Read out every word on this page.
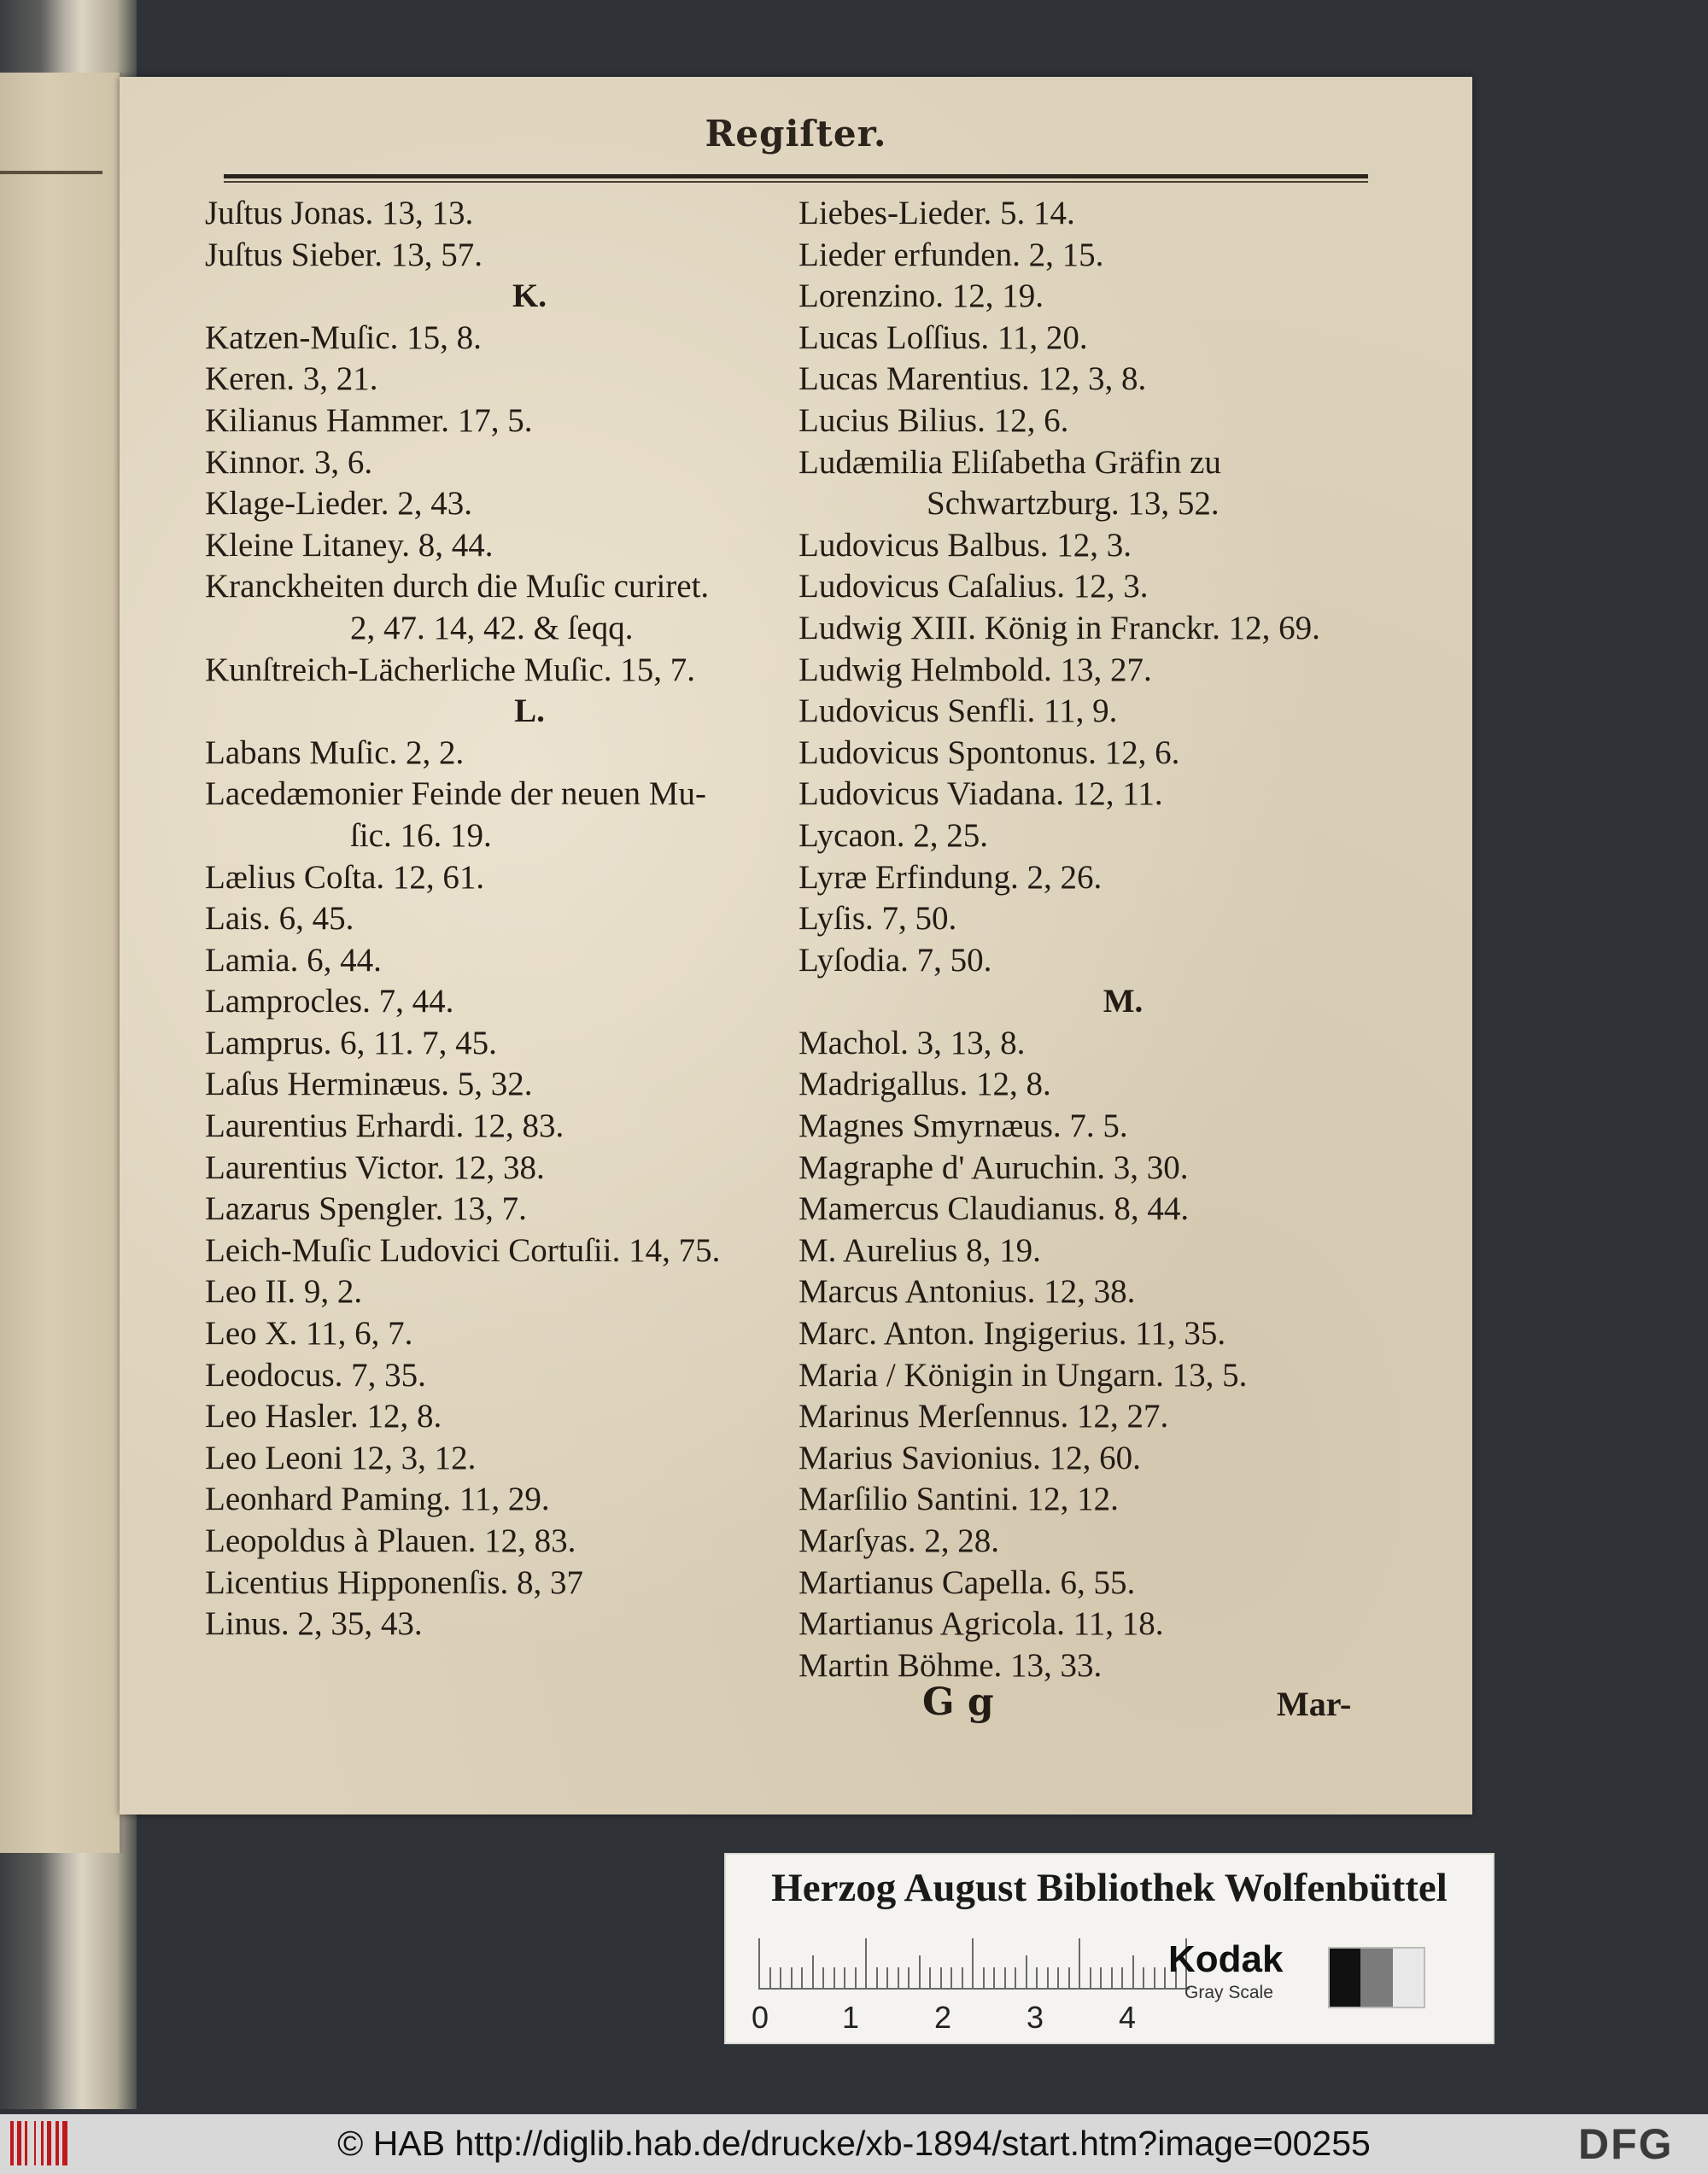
Regiſter.
Juſtus Jonas. 13, 13.
Juſtus Sieber. 13, 57.
K.
Katzen-Muſic. 15, 8.
Keren. 3, 21.
Kilianus Hammer. 17, 5.
Kinnor. 3, 6.
Klage-Lieder. 2, 43.
Kleine Litaney. 8, 44.
Kranckheiten durch die Muſic curiret.
2, 47. 14, 42. & ſeqq.
Kunſtreich-Lächerliche Muſic. 15, 7.
L.
Labans Muſic. 2, 2.
Lacedæmonier Feinde der neuen Mu-
ſic. 16. 19.
Lælius Coſta. 12, 61.
Lais. 6, 45.
Lamia. 6, 44.
Lamprocles. 7, 44.
Lamprus. 6, 11. 7, 45.
Laſus Herminæus. 5, 32.
Laurentius Erhardi. 12, 83.
Laurentius Victor. 12, 38.
Lazarus Spengler. 13, 7.
Leich-Muſic Ludovici Cortuſii. 14, 75.
Leo II. 9, 2.
Leo X. 11, 6, 7.
Leodocus. 7, 35.
Leo Hasler. 12, 8.
Leo Leoni 12, 3, 12.
Leonhard Paming. 11, 29.
Leopoldus à Plauen. 12, 83.
Licentius Hipponenſis. 8, 37
Linus. 2, 35, 43.
Liebes-Lieder. 5. 14.
Lieder erfunden. 2, 15.
Lorenzino. 12, 19.
Lucas Loſſius. 11, 20.
Lucas Marentius. 12, 3, 8.
Lucius Bilius. 12, 6.
Ludæmilia Eliſabetha Gräfin zu
Schwartzburg. 13, 52.
Ludovicus Balbus. 12, 3.
Ludovicus Caſalius. 12, 3.
Ludwig XIII. König in Franckr. 12, 69.
Ludwig Helmbold. 13, 27.
Ludovicus Senfli. 11, 9.
Ludovicus Spontonus. 12, 6.
Ludovicus Viadana. 12, 11.
Lycaon. 2, 25.
Lyræ Erfindung. 2, 26.
Lyſis. 7, 50.
Lyſodia. 7, 50.
M.
Machol. 3, 13, 8.
Madrigallus. 12, 8.
Magnes Smyrnæus. 7. 5.
Magraphe d' Auruchin. 3, 30.
Mamercus Claudianus. 8, 44.
M. Aurelius 8, 19.
Marcus Antonius. 12, 38.
Marc. Anton. Ingigerius. 11, 35.
Maria / Königin in Ungarn. 13, 5.
Marinus Merſennus. 12, 27.
Marius Savionius. 12, 60.
Marſilio Santini. 12, 12.
Marſyas. 2, 28.
Martianus Capella. 6, 55.
Martianus Agricola. 11, 18.
Martin Böhme. 13, 33.
G g	Mar-
Herzog August Bibliothek Wolfenbüttel
0 1 2 3 4
Kodak
Gray Scale
© HAB http://diglib.hab.de/drucke/xb-1894/start.htm?image=00255	DFG
